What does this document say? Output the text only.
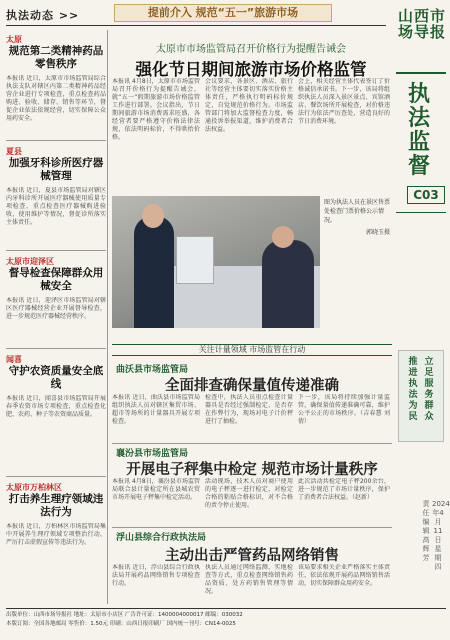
执法动态 >>	提前介入 规范“五一”旅游市场	山西市场导报
执法监督
C03
立足服务群众
推进执法为民
责任编辑 高辉芳
2024年4月11日 星期四
太原
规范第二类精神药品零售秩序
本报讯 近日，太原市市场监管局综合执法支队对辖区内第二类精神药品经营企业进行专项检查，重点检查药品购进、验收、储存、销售等环节，督促企业依法依规经营，切实保障公众用药安全。
夏县
加强牙科诊所医疗器械管理
本报讯 近日，夏县市场监管局对辖区内牙科诊所开展医疗器械使用质量专项检查，重点检查医疗器械购进验收、使用维护等情况，督促诊所落实主体责任。
太原市迎泽区
督导检查保障群众用械安全
本报讯 近日，迎泽区市场监管局对辖区医疗器械经营企业开展督导检查，进一步规范医疗器械经营秩序。
闻喜
守护农资质量安全底线
本报讯 近日，闻喜县市场监管局开展春季农资市场专项检查，重点检查化肥、农药、种子等农资商品质量。
太原市万柏林区
打击养生理疗领域违法行为
本报讯 近日，万柏林区市场监管局集中开展养生理疗领域专项整治行动，严厉打击虚假宣传等违法行为。
太原市市场监管局召开价格行为提醒告诫会
强化节日期间旅游市场价格监管
本报讯 4月8日，太原市市场监管局召开价格行为提醒告诫会，就“五一”假期旅游市场价格监管工作进行部署。会议指出，节日期间旅游市场消费需求旺盛，各经营者要严格遵守价格法律法规，依法明码标价，不得哄抬价格。
会议要求，各景区、酒店、旅行社等经营主体要切实落实价格主体责任，严格执行明码标价规定，自觉规范价格行为。市场监管部门将加大监督检查力度，畅通投诉举报渠道，维护消费者合法权益。
会上，相关经营主体代表签订了价格诚信承诺书。下一步，该局将组织执法人员深入景区景点、宾馆酒店、餐饮场所开展检查，对价格违法行为依法严厉查处，营造良好的节日消费环境。
图为执法人员在景区售票处检查门票价格公示情况。
郭晓玉摄
关注计量领域 市场监管在行动
曲沃县市场监管局
全面排查确保量值传递准确
本报讯 近日，曲沃县市场监管局组织执法人员对辖区集贸市场、超市等场所的计量器具开展专项检查。
检查中，执法人员重点检查计量器具是否经过强制检定、是否存在作弊行为，现场对电子计价秤进行了抽检。
下一步，该局将持续加强计量监管，确保量值传递准确可靠，维护公平公正的市场秩序。（吉春慧 刘倩）
襄汾县市场监管局
开展电子秤集中检定 规范市场计量秩序
本报讯 4月8日，襄汾县市场监管局联合县计量检定所在县城农贸市场开展电子秤集中检定活动。
活动现场，技术人员对商户使用的电子秤逐一进行检定，对检定合格的粘贴合格标识，对不合格的责令停止使用。
此次活动共检定电子秤200余台，进一步规范了市场计量秩序，保护了消费者合法权益。（赵新）
浮山县综合行政执法局
主动出击严管药品网络销售
本报讯 近日，浮山县综合行政执法局开展药品网络销售专项检查行动。
执法人员通过网络监测、实地检查等方式，重点检查网络销售药品资质、处方药销售管理等情况。
该局要求相关企业严格落实主体责任，依法依规开展药品网络销售活动，切实保障群众用药安全。
出版单位：山西市场导报社 地址：太原市小店区 广告许可证：1400004000017 邮编：030032
本版订阅：全国各地邮局 零售价：1.50元 印刷：山西日报印刷厂 国内统一刊号：CN14-0025
